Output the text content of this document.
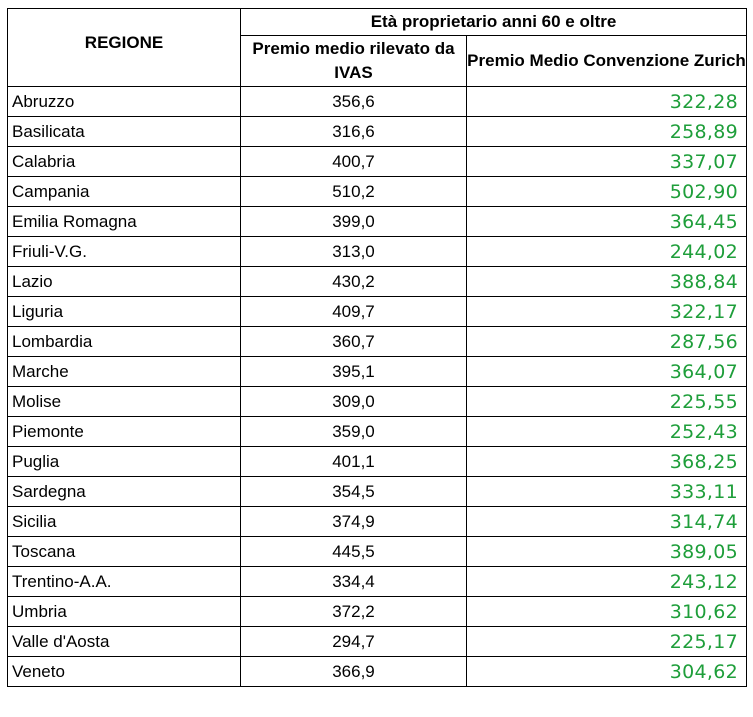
REGIONE	Età proprietario anni 60 e oltre	
	Premio medio rilevato da IVAS	Premio Medio Convenzione Zurich
Abruzzo	356,6	322,28
Basilicata	316,6	258,89
Calabria	400,7	337,07
Campania	510,2	502,90
Emilia Romagna	399,0	364,45
Friuli-V.G.	313,0	244,02
Lazio	430,2	388,84
Liguria	409,7	322,17
Lombardia	360,7	287,56
Marche	395,1	364,07
Molise	309,0	225,55
Piemonte	359,0	252,43
Puglia	401,1	368,25
Sardegna	354,5	333,11
Sicilia	374,9	314,74
Toscana	445,5	389,05
Trentino-A.A.	334,4	243,12
Umbria	372,2	310,62
Valle d'Aosta	294,7	225,17
Veneto	366,9	304,62
